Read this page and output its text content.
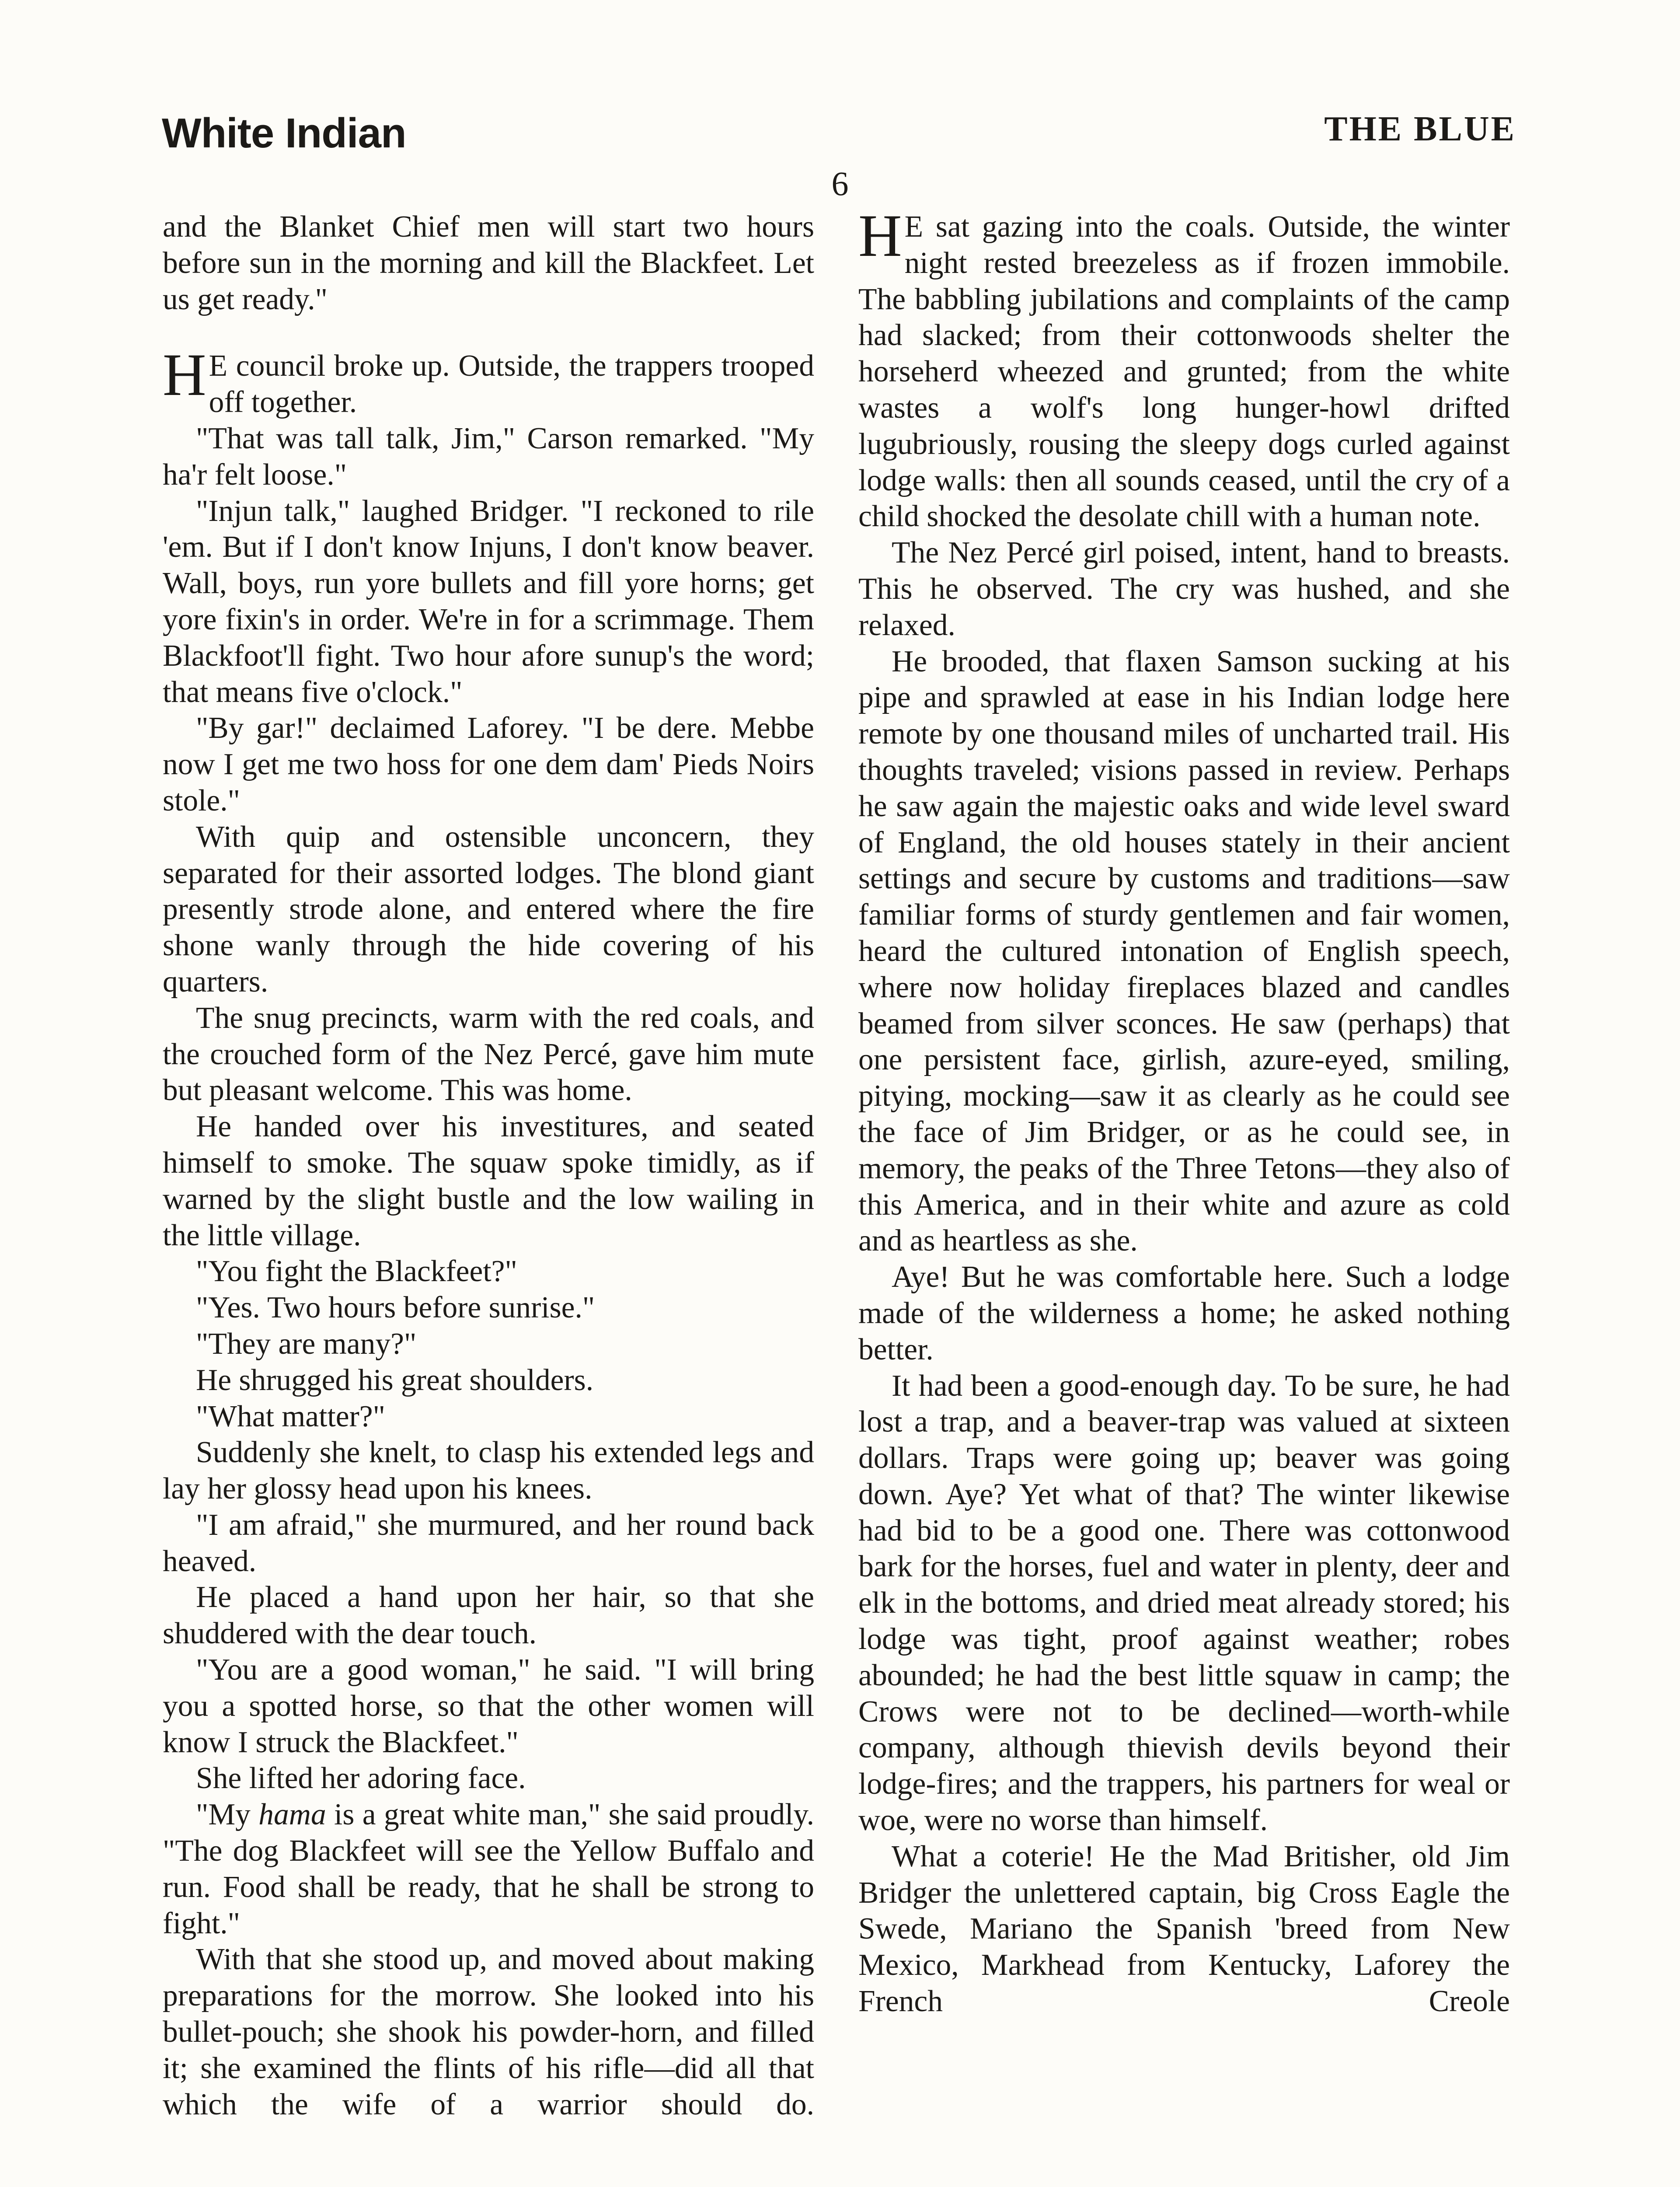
White Indian	THE BLUE
6

and the Blanket Chief men will start two hours before sun in the morning and kill the Blackfeet. Let us get ready."

H E council broke up. Outside, the trappers trooped off together.

"That was tall talk, Jim," Carson remarked. "My ha'r felt loose."

"Injun talk," laughed Bridger. "I reckoned to rile 'em. But if I don't know Injuns, I don't know beaver. Wall, boys, run yore bullets and fill yore horns; get yore fixin's in order. We're in for a scrimmage. Them Blackfoot'll fight. Two hour afore sunup's the word; that means five o'clock."

"By gar!" declaimed Laforey. "I be dere. Mebbe now I get me two hoss for one dem dam' Pieds Noirs stole."

With quip and ostensible unconcern, they separated for their assorted lodges. The blond giant presently strode alone, and entered where the fire shone wanly through the hide covering of his quarters.

The snug precincts, warm with the red coals, and the crouched form of the Nez Percé, gave him mute but pleasant welcome. This was home.

He handed over his investitures, and seated himself to smoke. The squaw spoke timidly, as if warned by the slight bustle and the low wailing in the little village.

"You fight the Blackfeet?"

"Yes. Two hours before sunrise."

"They are many?"

He shrugged his great shoulders.

"What matter?"

Suddenly she knelt, to clasp his extended legs and lay her glossy head upon his knees.

"I am afraid," she murmured, and her round back heaved.

He placed a hand upon her hair, so that she shuddered with the dear touch.

"You are a good woman," he said. "I will bring you a spotted horse, so that the other women will know I struck the Blackfeet."

She lifted her adoring face.

"My hama is a great white man," she said proudly. "The dog Blackfeet will see the Yellow Buffalo and run. Food shall be ready, that he shall be strong to fight."

With that she stood up, and moved about making preparations for the morrow. She looked into his bullet-pouch; she shook his powder-horn, and filled it; she examined the flints of his rifle—did all that which the wife of a warrior should do.

H E sat gazing into the coals. Outside, the winter night rested breezeless as if frozen immobile. The babbling jubilations and complaints of the camp had slacked; from their cottonwoods shelter the horseherd wheezed and grunted; from the white wastes a wolf's long hunger-howl drifted lugubriously, rousing the sleepy dogs curled against lodge walls: then all sounds ceased, until the cry of a child shocked the desolate chill with a human note.

The Nez Percé girl poised, intent, hand to breasts. This he observed. The cry was hushed, and she relaxed.

He brooded, that flaxen Samson sucking at his pipe and sprawled at ease in his Indian lodge here remote by one thousand miles of uncharted trail. His thoughts traveled; visions passed in review. Perhaps he saw again the majestic oaks and wide level sward of England, the old houses stately in their ancient settings and secure by customs and traditions—saw familiar forms of sturdy gentlemen and fair women, heard the cultured intonation of English speech, where now holiday fireplaces blazed and candles beamed from silver sconces. He saw (perhaps) that one persistent face, girlish, azure-eyed, smiling, pitying, mocking—saw it as clearly as he could see the face of Jim Bridger, or as he could see, in memory, the peaks of the Three Tetons—they also of this America, and in their white and azure as cold and as heartless as she.

Aye! But he was comfortable here. Such a lodge made of the wilderness a home; he asked nothing better.

It had been a good-enough day. To be sure, he had lost a trap, and a beaver-trap was valued at sixteen dollars. Traps were going up; beaver was going down. Aye? Yet what of that? The winter likewise had bid to be a good one. There was cottonwood bark for the horses, fuel and water in plenty, deer and elk in the bottoms, and dried meat already stored; his lodge was tight, proof against weather; robes abounded; he had the best little squaw in camp; the Crows were not to be declined—worth-while company, although thievish devils beyond their lodge-fires; and the trappers, his partners for weal or woe, were no worse than himself.

What a coterie! He the Mad Britisher, old Jim Bridger the unlettered captain, big Cross Eagle the Swede, Mariano the Spanish 'breed from New Mexico, Markhead from Kentucky, Laforey the French Creole
